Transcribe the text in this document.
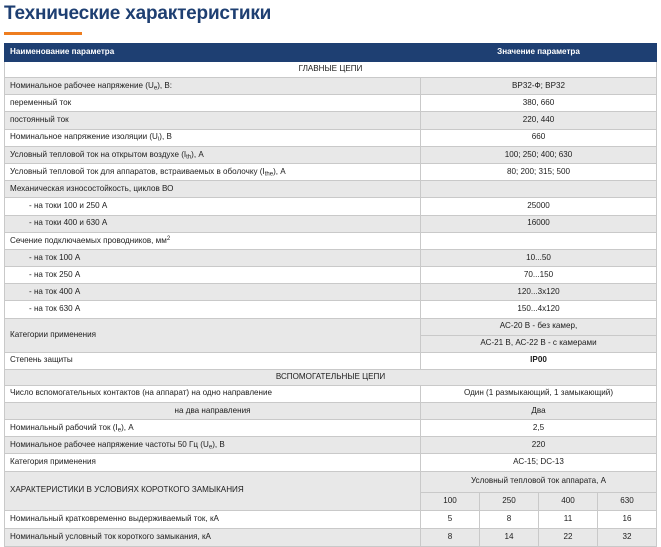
Технические характеристики
Наименование параметра	Значение параметра			
ГЛАВНЫЕ ЦЕПИ				
Номинальное рабочее напряжение $(U_e)$, В:	ВР32-Ф; ВР32			
переменный ток	380, 660			
постоянный ток	220, 440			
Номинальное напряжение изоляции $(U_i)$, В	660			
Условный тепловой ток на открытом воздухе $(I_{th})$, А	100; 250; 400; 630			
Условный тепловой ток для аппаратов, встраиваемых в оболочку $(I_{the})$, А	80; 200; 315; 500			
Механическая износостойкость, циклов ВО				
- на токи 100 и 250 А	25000			
- на токи 400 и 630 А	16000			
Сечение подключаемых проводников, $мм^2$	
- на ток 100 А	10...50			
- на ток 250 А	70...150			
- на ток 400 А	120...3х120			
- на ток 630 А	150...4х120			
Категории применения	АС-20 В - без камер,			
	АС-21 В, АС-22 В - с камерами			
Степень защиты	IP00			
ВСПОМОГАТЕЛЬНЫЕ ЦЕПИ				
Число вспомогательных контактов (на аппарат) на одно направление	Один (1 размыкающий, 1 замыкающий)			
на два направления	Два			
Номинальный рабочий ток $(I_e)$, А	2,5			
Номинальное рабочее напряжение частоты 50 Гц $(U_e)$, В	220			
Категория применения	АС-15; DC-13			
ХАРАКТЕРИСТИКИ В УСЛОВИЯХ КОРОТКОГО ЗАМЫКАНИЯ	Условный тепловой ток аппарата, А			
	100	250	400	630
Номинальный кратковременно выдерживаемый ток, кА	5	8	11	16
Номинальный условный ток короткого замыкания, кА	8	14	22	32
